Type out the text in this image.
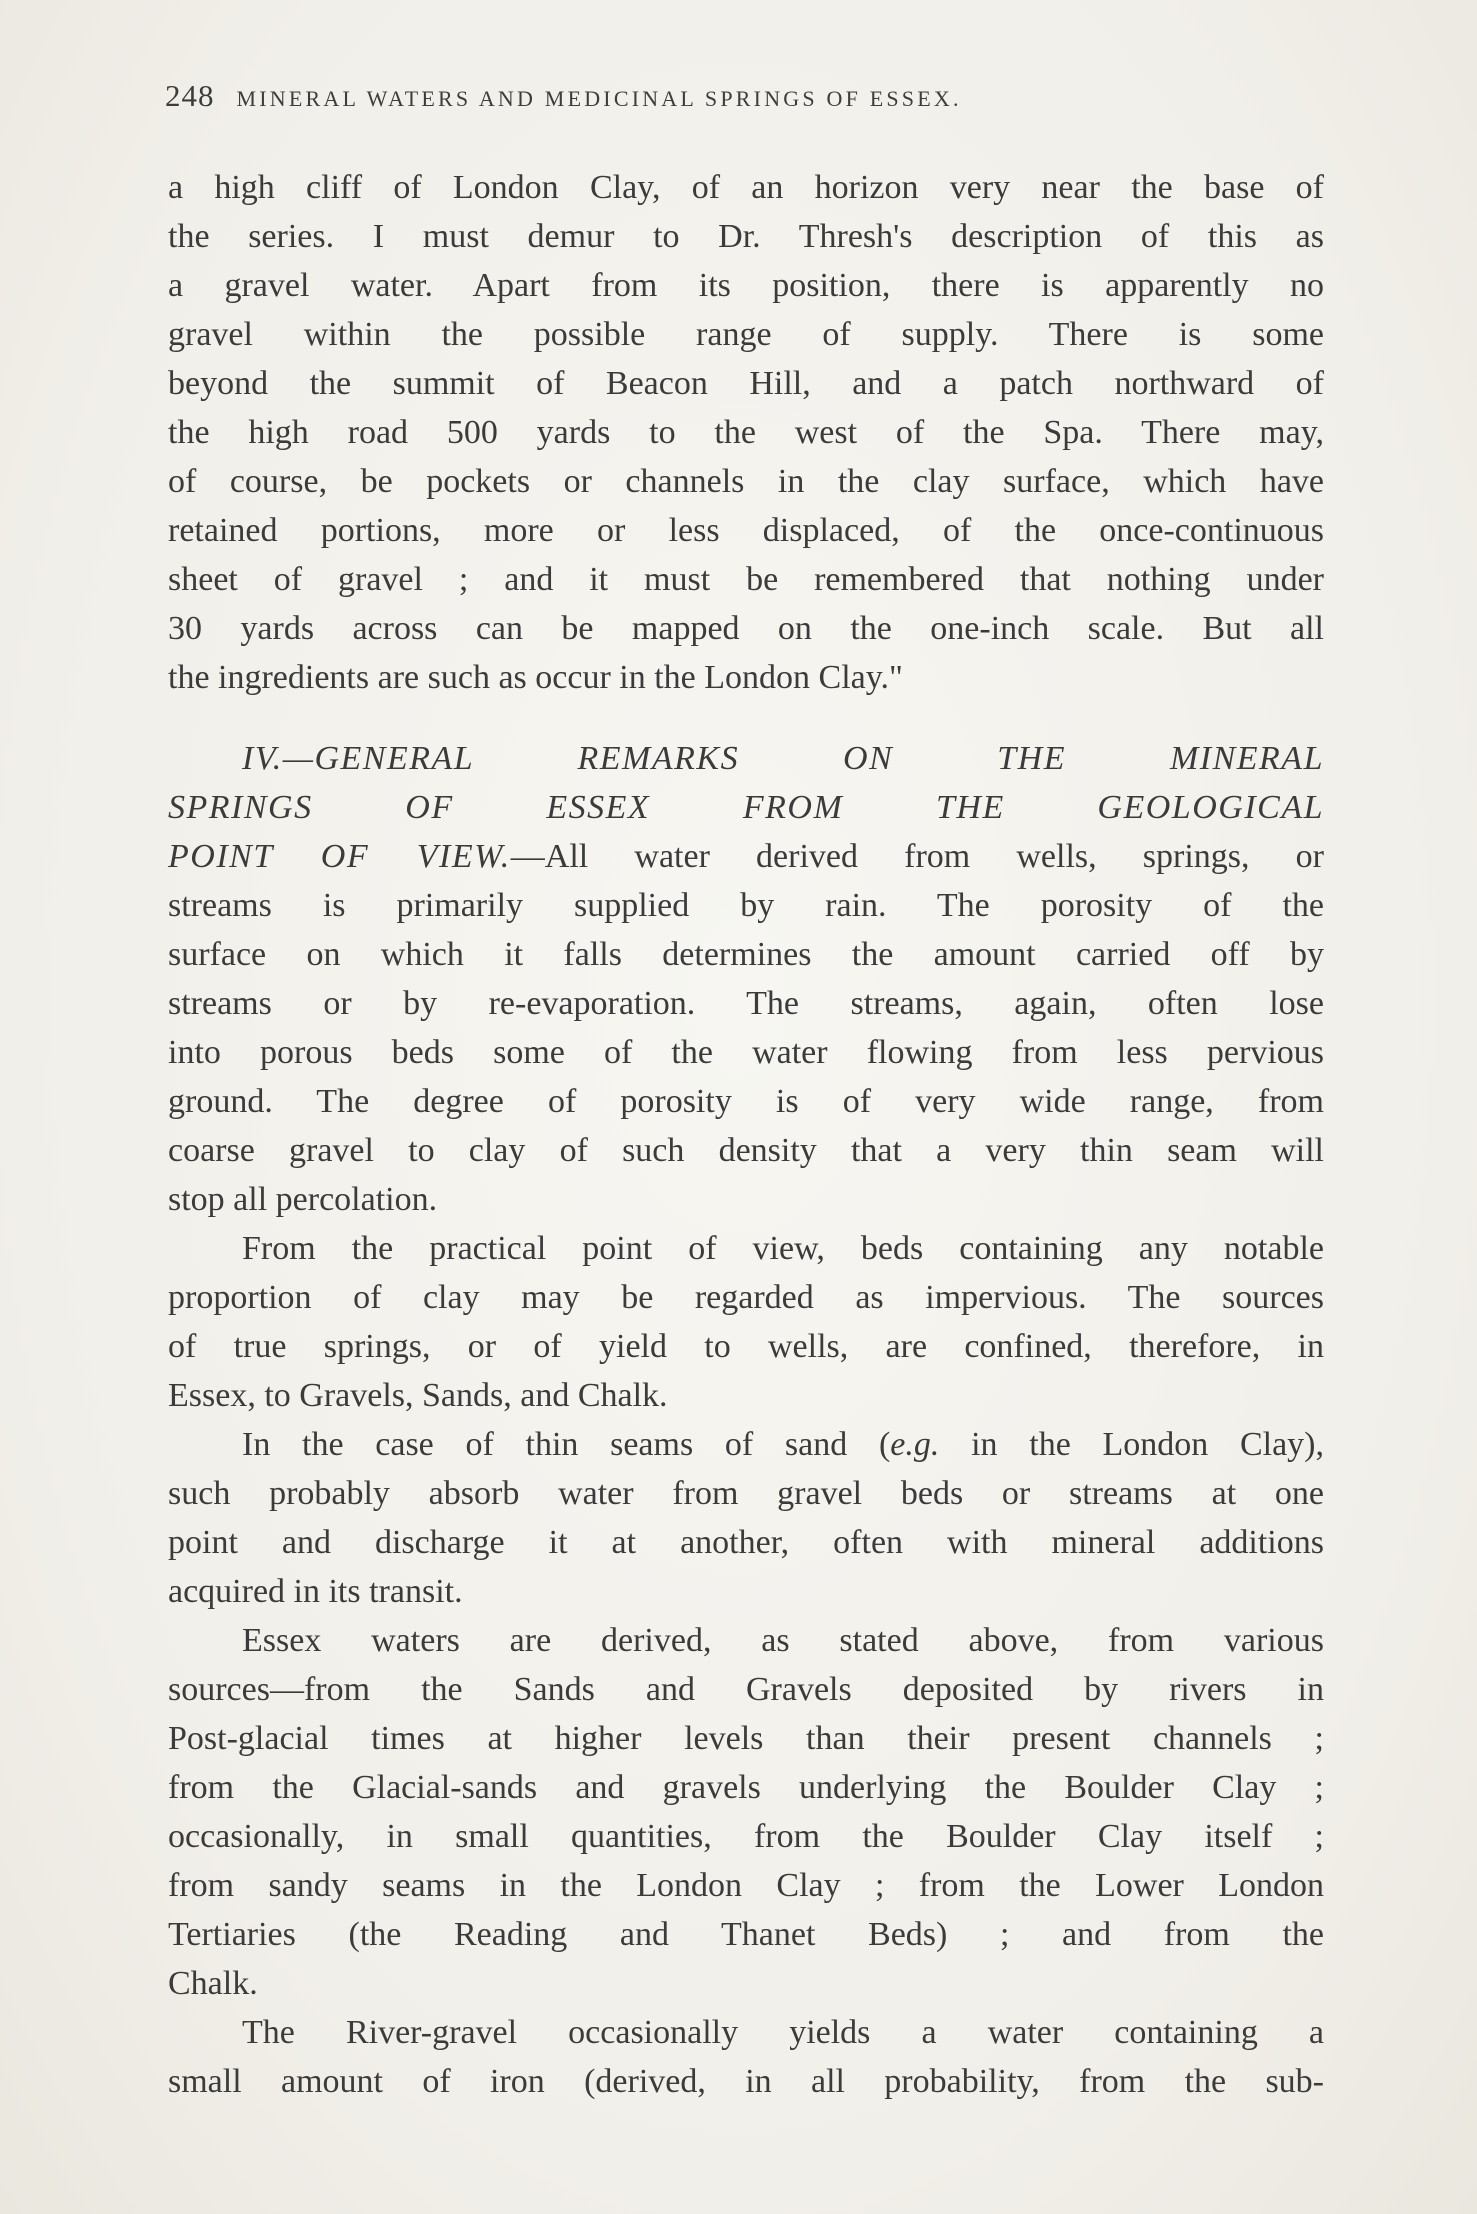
248 MINERAL WATERS AND MEDICINAL SPRINGS OF ESSEX.
a high cliff of London Clay, of an horizon very near the base of
the series. I must demur to Dr. Thresh's description of this as
a gravel water. Apart from its position, there is apparently no
gravel within the possible range of supply. There is some
beyond the summit of Beacon Hill, and a patch northward of
the high road 500 yards to the west of the Spa. There may,
of course, be pockets or channels in the clay surface, which have
retained portions, more or less displaced, of the once-continuous
sheet of gravel ; and it must be remembered that nothing under
30 yards across can be mapped on the one-inch scale. But all
the ingredients are such as occur in the London Clay."
IV.—GENERAL REMARKS ON THE MINERAL
SPRINGS OF ESSEX FROM THE GEOLOGICAL
POINT OF VIEW.—All water derived from wells, springs, or
streams is primarily supplied by rain. The porosity of the
surface on which it falls determines the amount carried off by
streams or by re-evaporation. The streams, again, often lose
into porous beds some of the water flowing from less pervious
ground. The degree of porosity is of very wide range, from
coarse gravel to clay of such density that a very thin seam will
stop all percolation.
From the practical point of view, beds containing any notable
proportion of clay may be regarded as impervious. The sources
of true springs, or of yield to wells, are confined, therefore, in
Essex, to Gravels, Sands, and Chalk.
In the case of thin seams of sand (e.g. in the London Clay),
such probably absorb water from gravel beds or streams at one
point and discharge it at another, often with mineral additions
acquired in its transit.
Essex waters are derived, as stated above, from various
sources—from the Sands and Gravels deposited by rivers in
Post-glacial times at higher levels than their present channels ;
from the Glacial-sands and gravels underlying the Boulder Clay ;
occasionally, in small quantities, from the Boulder Clay itself ;
from sandy seams in the London Clay ; from the Lower London
Tertiaries (the Reading and Thanet Beds) ; and from the
Chalk.
The River-gravel occasionally yields a water containing a
small amount of iron (derived, in all probability, from the sub-
